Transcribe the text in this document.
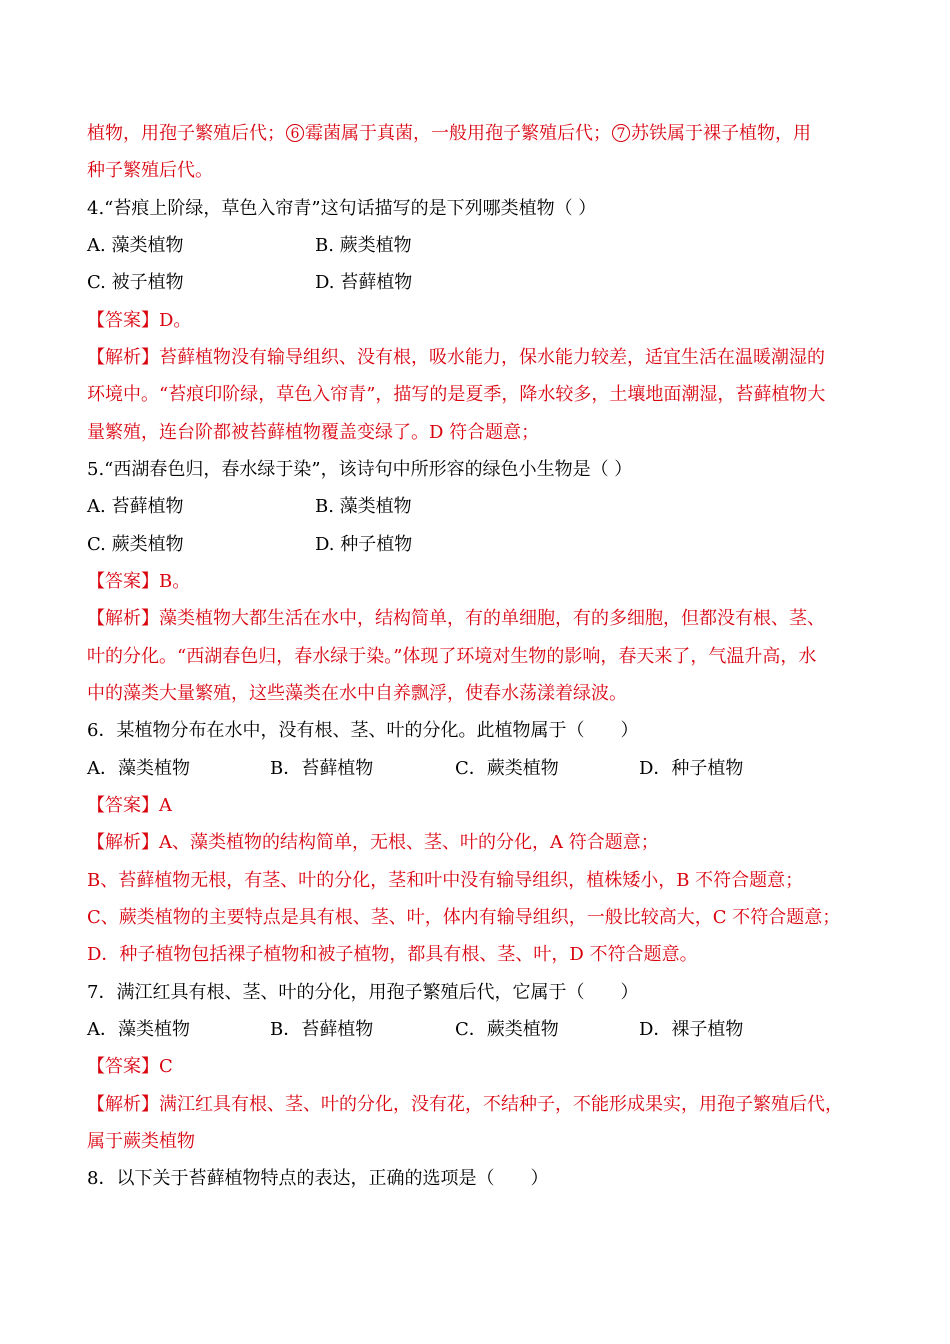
植物，用孢子繁殖后代； 6 霉菌属于真菌，一般用孢子繁殖后代； 7 苏铁属于裸子植物，用
种子繁殖后代。
4.“苔痕上阶绿，草色入帘青”这句话描写的是下列哪类植物（ ）
A. 藻类植物	B. 蕨类植物
C. 被子植物	D. 苔藓植物
【答案】D。
【解析】苔藓植物没有输导组织、没有根，吸水能力，保水能力较差，适宜生活在温暖潮湿的
环境中。“苔痕印阶绿，草色入帘青”，描写的是夏季，降水较多，土壤地面潮湿，苔藓植物大
量繁殖，连台阶都被苔藓植物覆盖变绿了。D 符合题意；
5.“西湖春色归，春水绿于染”，该诗句中所形容的绿色小生物是（ ）
A. 苔藓植物	B. 藻类植物
C. 蕨类植物	D. 种子植物
【答案】B。
【解析】藻类植物大都生活在水中，结构简单，有的单细胞，有的多细胞，但都没有根、茎、
叶的分化。“西湖春色归，春水绿于染。”体现了环境对生物的影响，春天来了，气温升高，水
中的藻类大量繁殖，这些藻类在水中自养飘浮，使春水荡漾着绿波。
6．某植物分布在水中，没有根、茎、叶的分化。此植物属于（　　）
A．藻类植物	B．苔藓植物	C．蕨类植物	D．种子植物
【答案】A
【解析】A、藻类植物的结构简单，无根、茎、叶的分化，A 符合题意；
B、苔藓植物无根，有茎、叶的分化，茎和叶中没有输导组织，植株矮小，B 不符合题意；
C、蕨类植物的主要特点是具有根、茎、叶，体内有输导组织，一般比较高大，C 不符合题意；
D．种子植物包括裸子植物和被子植物，都具有根、茎、叶，D 不符合题意。
7．满江红具有根、茎、叶的分化，用孢子繁殖后代，它属于（　　）
A．藻类植物	B．苔藓植物	C．蕨类植物	D．裸子植物
【答案】C
【解析】满江红具有根、茎、叶的分化，没有花，不结种子，不能形成果实，用孢子繁殖后代，
属于蕨类植物
8．以下关于苔藓植物特点的表达，正确的选项是（　　）
